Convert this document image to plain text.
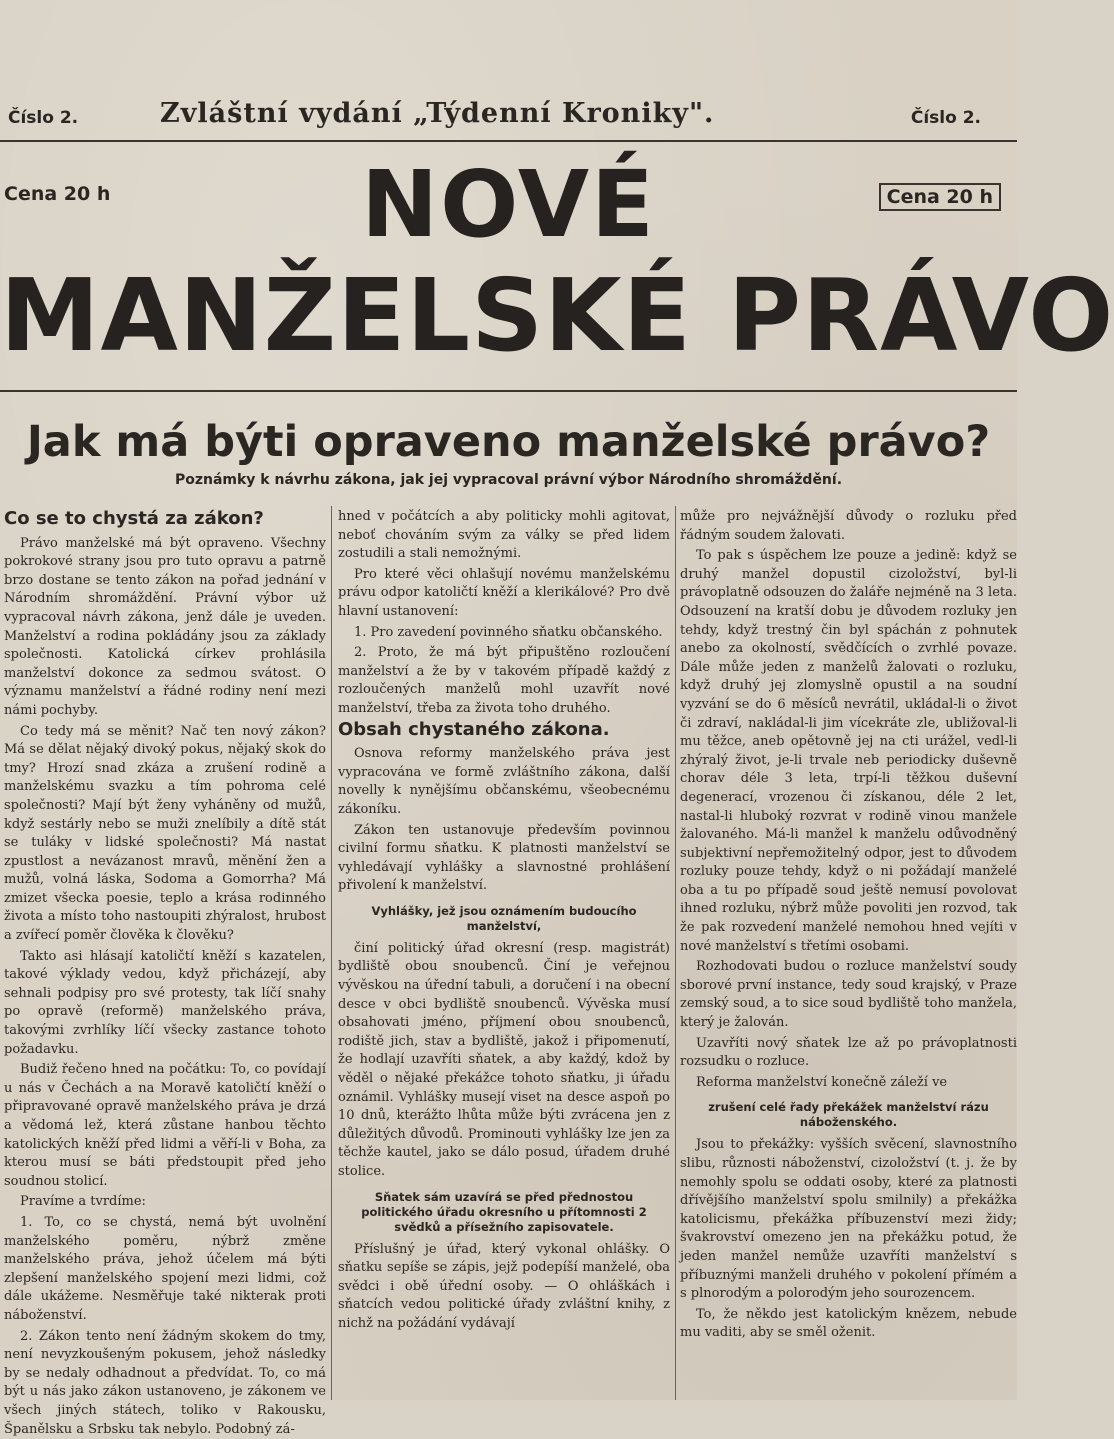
Číslo 2.	Zvláštní vydání „Týdenní Kroniky".	Číslo 2.
Cena 20 h	Cena 20 h
NOVÉ
MANŽELSKÉ PRÁVO
Jak má býti opraveno manželské právo?
Poznámky k návrhu zákona, jak jej vypracoval právní výbor Národního shromáždění.
Co se to chystá za zákon?

Právo manželské má být opraveno. Všechny pokrokové strany jsou pro tuto opravu a patrně brzo dostane se tento zákon na pořad jednání v Národním shromáždění. Právní výbor už vypracoval návrh zákona, jenž dále je uveden. Manželství a rodina pokládány jsou za základy společnosti. Katolická církev prohlásila manželství dokonce za sedmou svátost. O významu manželství a řádné rodiny není mezi námi pochyby.

Co tedy má se měnit? Nač ten nový zákon? Má se dělat nějaký divoký pokus, nějaký skok do tmy? Hrozí snad zkáza a zrušení rodině a manželskému svazku a tím pohroma celé společnosti? Mají být ženy vyháněny od mužů, když sestárly nebo se muži znelíbily a dítě stát se tuláky v lidské společnosti? Má nastat zpustlost a nevázanost mravů, měnění žen a mužů, volná láska, Sodoma a Gomorrha? Má zmizet všecka poesie, teplo a krása rodinného života a místo toho nastoupiti zhýralost, hrubost a zvířecí poměr člověka k člověku?

Takto asi hlásají katoličtí kněží s kazatelen, takové výklady vedou, když přicházejí, aby sehnali podpisy pro své protesty, tak líčí snahy po opravě (reformě) manželského práva, takovými zvrhlíky líčí všecky zastance tohoto požadavku.

Budiž řečeno hned na počátku: To, co povídají u nás v Čechách a na Moravě katoličtí kněží o připravované opravě manželského práva je drzá a vědomá lež, která zůstane hanbou těchto katolických kněží před lidmi a věří-li v Boha, za kterou musí se báti předstoupit před jeho soudnou stolicí.

Pravíme a tvrdíme:

1. To, co se chystá, nemá být uvolnění manželského poměru, nýbrž změne manželského práva, jehož účelem má býti zlepšení manželského spojení mezi lidmi, což dále ukážeme. Nesměřuje také nikterak proti náboženství.

2. Zákon tento není žádným skokem do tmy, není nevyzkoušeným pokusem, jehož následky by se nedaly odhadnout a předvídat. To, co má být u nás jako zákon ustanoveno, je zákonem ve všech jiných státech, toliko v Rakousku, Španělsku a Srbsku tak nebylo. Podobný zá-

hned v počátcích a aby politicky mohli agitovat, neboť chováním svým za války se před lidem zostudili a stali nemožnými.

Pro které věci ohlašují novému manželskému právu odpor katoličtí kněží a klerikálové? Pro dvě hlavní ustanovení:

1. Pro zavedení povinného sňatku občanského.

2. Proto, že má být připuštěno rozloučení manželství a že by v takovém případě každý z rozloučených manželů mohl uzavřít nové manželství, třeba za života toho druhého.

Obsah chystaného zákona.

Osnova reformy manželského práva jest vypracována ve formě zvláštního zákona, další novelly k nynějšímu občanskému, všeobecnému zákoníku.

Zákon ten ustanovuje především povinnou civilní formu sňatku. K platnosti manželství se vyhledávají vyhlášky a slavnostné prohlášení přivolení k manželství.

Vyhlášky, jež jsou oznámením budoucího manželství,

činí politický úřad okresní (resp. magistrát) bydliště obou snoubenců. Činí je veřejnou vývěskou na úřední tabuli, a doručení i na obecní desce v obci bydliště snoubenců. Vývěska musí obsahovati jméno, příjmení obou snoubenců, rodiště jich, stav a bydliště, jakož i připomenutí, že hodlají uzavříti sňatek, a aby každý, kdož by věděl o nějaké překážce tohoto sňatku, ji úřadu oznámil. Vyhlášky musejí viset na desce aspoň po 10 dnů, kterážto lhůta může býti zvrácena jen z důležitých důvodů. Prominouti vyhlášky lze jen za těchže kautel, jako se dálo posud, úřadem druhé stolice.

Sňatek sám uzavírá se před přednostou politického úřadu okresního u přítomnosti 2 svědků a přísežního zapisovatele.

Příslušný je úřad, který vykonal ohlášky. O sňatku sepíše se zápis, jejž podepíší manželé, oba svědci i obě úřední osoby. — O ohláškách i sňatcích vedou politické úřady zvláštní knihy, z nichž na požádání vydávají

může pro nejvážnější důvody o rozluku před řádným soudem žalovati.

To pak s úspěchem lze pouze a jedině: když se druhý manžel dopustil cizoložství, byl-li právoplatně odsouzen do žaláře nejméně na 3 leta. Odsouzení na kratší dobu je důvodem rozluky jen tehdy, když trestný čin byl spáchán z pohnutek anebo za okolností, svědčících o zvrhlé povaze. Dále může jeden z manželů žalovati o rozluku, když druhý jej zlomyslně opustil a na soudní vyzvání se do 6 měsíců nevrátil, ukládal-li o život či zdraví, nakládal-li jim vícekráte zle, ubližoval-li mu těžce, aneb opětovně jej na cti urážel, vedl-li zhýralý život, je-li trvale neb periodicky duševně chorav déle 3 leta, trpí-li těžkou duševní degenerací, vrozenou či získanou, déle 2 let, nastal-li hluboký rozvrat v rodině vinou manžele žalovaného. Má-li manžel k manželu odůvodněný subjektivní nepřemožitelný odpor, jest to důvodem rozluky pouze tehdy, když o ni požádají manželé oba a tu po případě soud ještě nemusí povolovat ihned rozluku, nýbrž může povoliti jen rozvod, tak že pak rozvedení manželé nemohou hned vejíti v nové manželství s třetími osobami.

Rozhodovati budou o rozluce manželství soudy sborové první instance, tedy soud krajský, v Praze zemský soud, a to sice soud bydliště toho manžela, který je žalován.

Uzavříti nový sňatek lze až po právoplatnosti rozsudku o rozluce.

Reforma manželství konečně záleží ve

zrušení celé řady překážek manželství rázu náboženského.

Jsou to překážky: vyšších svěcení, slavnostního slibu, různosti náboženství, cizoložství (t. j. že by nemohly spolu se oddati osoby, které za platnosti dřívějšího manželství spolu smilnily) a překážka katolicismu, překážka příbuzenství mezi židy; švakrovství omezeno jen na překážku potud, že jeden manžel nemůže uzavříti manželství s příbuznými manželi druhého v pokolení přímém a s plnorodým a polorodým jeho sourozencem.

To, že někdo jest katolickým knězem, nebude mu vaditi, aby se směl oženit.
